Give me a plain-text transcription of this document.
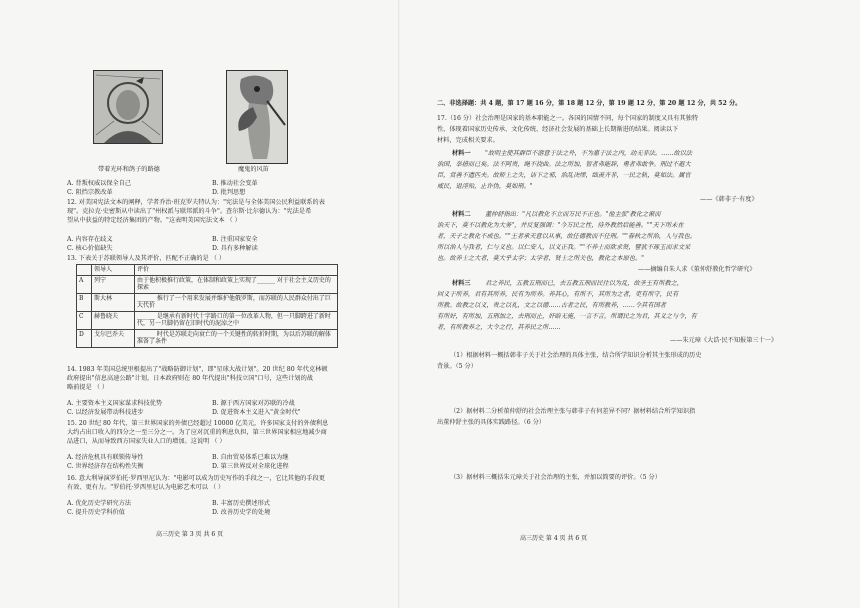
带着光环和鸽子的路德	魔鬼的风笛
A. 背叛权威以保全自己	B. 推动社会变革
C. 阻挡宗教改革	D. 批判思想
12. 对美国宪法文本的阐释，学者乔治·班克罗夫特认为："宪法是与全体美国公民利益联系的表
现"。克拉克·史密斯从中读出了"州权派与联邦派的斗争"。查尔斯·比尔德认为："宪法是希
望从中获益的特定经济集团的产物。"这表明美国宪法文本 （ ）
A. 内容存在歧义	B. 注重国家安全
C. 核心价值缺失	D. 具有多种解读
13. 下表关于苏联领导人及其评价，匹配不正确的是 （ ）
	领导人	评价
A	列宁	由于他积极推行政策，在体制和政策上实现了______ 对于社会主义历史的探索
B	斯大林	______ 推行了一个用来发展并维护他俄罗斯，而苏联的人民群众付出了巨大代价
C	赫鲁晓夫	______ 是继承有新时代十字路口的第一位改革人物，但一只脚跨进了新时代，另一只脚仍留在旧时代的泥淖之中
D	戈尔巴乔夫	______ 时代是苏联走向衰亡的一个关键性的转折时期，为以后苏联的解体准备了条件
14. 1983 年美国总统里根提出了"战略防御计划"，即"星球大战计划"。20 世纪 80 年代克林顿
政府提出"信息高速公路"计划，日本政府则在 80 年代提出"科技立国"口号，这些计划的战
略前提是 （ ）
A. 主要资本主义国家谋求科技优势	B. 源于西方国家对苏联的冷战
C. 以经济发展带动科技进步	D. 促进资本主义进入"黄金时代"
15. 20 世纪 80 年代，第三世界国家的外债已经超过 10000 亿美元，许多国家支付的外债利息
大约占出口收入的四分之一至三分之一。为了应对沉重的利息负担，第三世界国家相应地减少商
品进口，从而导致西方国家失业人口的增加。这说明 （ ）
A. 经济危机具有联锁传导性	B. 自由贸易体系已难以为继
C. 世界经济存在结构性失衡	D. 第三世界反对全球化进程
16. 意大利导演罗伯托·罗西里尼认为："电影可以成为历史写作的手段之一，它比其他的手段更
有效、更有力。"罗伯托·罗西里尼认为电影艺术可以 （ ）
A. 优化历史学研究方法	B. 丰富历史撰述形式
C. 提升历史学科价值	D. 改善历史学的处境
高三历史 第 3 页 共 6 页
二、非选择题：共 4 题，第 17 题 16 分，第 18 题 12 分，第 19 题 12 分，第 20 题 12 分，共 52 分。
17.（16 分）社会治理是国家的基本职能之一。各国的国情不同，每个国家的制度又具有其独特
性，体现着国家历史传承、文化传统、经济社会发展的基础上长期渐进的结果。阅读以下
材料，完成相关要求。
材料一 "故明主使其群臣不游意于法之外，不为惠于法之内，动无非法。……故以法
治国，举措而已矣。法不阿贵，绳不挠曲。法之所加，智者弗能辞，勇者弗敢争。刑过不避大
臣，赏善不遗匹夫。故矫上之失，诘下之邪，治乱决缪，绌羡齐非，一民之轨，莫如法。属官
威民，退淫殆，止诈伪，莫如刑。"
——《韩非子·有度》
材料二 董仲舒指出："凡以教化不立而万民不正也。"他主张"教化之渐而
治天下，莫不以教化为大务"，并反复强调："今万民之性，待外教然后能善。""天下所未在
者，天子之教化不成也。""王者承天意以从事，故任德教而不任刑。""春秋之所治，人与我也。
所以治人与我者，仁与义也。以仁安人，以义正我。""不养士而欲求贤，譬犹不琢玉而求文采
也。故养士之大者，莫大乎太学；太学者，贤士之所关也，教化之本原也。"
——摘编自朱人求《董仲舒教化哲学研究》
材料三 君之养民，五教五刑而已，去五教五刑而民往以为乱，故圣王有所教之，
回义于所养，君有其所养，民有为所养。养其心，有所不，其所为之者，吏有所守，民有
所教。故教之以义，贵之以礼，文之以德……古者之民，有所教养，……令其有国者
有所好，有所加，五刑加之，去刑而止，奸暗无施，一言不言，所谓民之为君，其义之与令，有
者，有所教养之，大令之行，其养民之所……
——朱元璋《大诰·民不知报第三十一》
（1）根据材料一概括韩非子关于社会治理的具体主张，结合所学知识分析其主张形成的历史
背景。（5 分）
（2）据材料二分析董仲舒的社会治理主张与韩非子有何差异不同？据材料结合所学知识指
出董仲舒主张的具体实践路径。（6 分）
（3）据材料三概括朱元璋关于社会治理的主张，并加以简要的评价。（5 分）
高三历史 第 4 页 共 6 页
